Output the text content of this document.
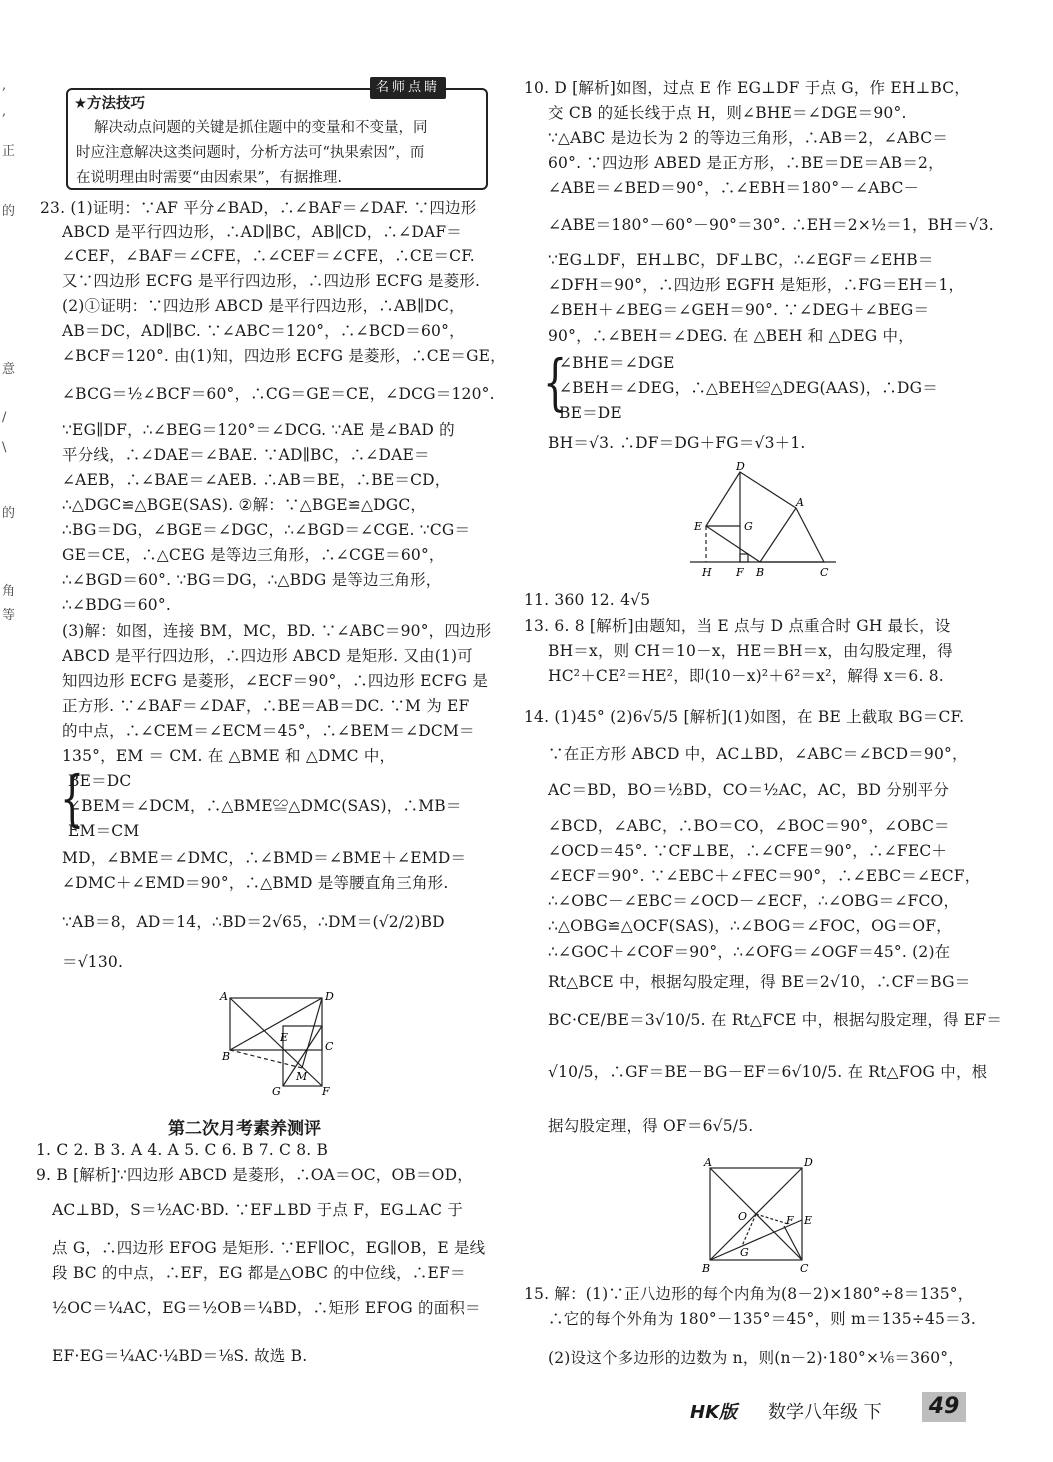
,
,
正
的
意
/
\
的
角
等
名师点睛
★方法技巧
解决动点问题的关键是抓住题中的变量和不变量，同
时应注意解决这类问题时，分析方法可“执果索因”，而
在说明理由时需要“由因索果”，有据推理.
23. (1)证明：∵AF 平分∠BAD，∴∠BAF＝∠DAF. ∵四边形
ABCD 是平行四边形，∴AD∥BC，AB∥CD，∴∠DAF＝
∠CEF，∠BAF＝∠CFE，∴∠CEF＝∠CFE，∴CE＝CF.
又∵四边形 ECFG 是平行四边形，∴四边形 ECFG 是菱形.
(2)①证明：∵四边形 ABCD 是平行四边形，∴AB∥DC，
AB＝DC，AD∥BC. ∵∠ABC＝120°，∴∠BCD＝60°，
∠BCF＝120°. 由(1)知，四边形 ECFG 是菱形，∴CE＝GE，
∠BCG＝½∠BCF＝60°，∴CG＝GE＝CE，∠DCG＝120°.
∵EG∥DF，∴∠BEG＝120°＝∠DCG. ∵AE 是∠BAD 的
平分线，∴∠DAE＝∠BAE. ∵AD∥BC，∴∠DAE＝
∠AEB，∴∠BAE＝∠AEB. ∴AB＝BE，∴BE＝CD，
∴△DGC≌△BGE(SAS). ②解：∵△BGE≌△DGC，
∴BG＝DG，∠BGE＝∠DGC，∴∠BGD＝∠CGE. ∵CG＝
GE＝CE，∴△CEG 是等边三角形，∴∠CGE＝60°，
∴∠BGD＝60°. ∵BG＝DG，∴△BDG 是等边三角形，
∴∠BDG＝60°.
(3)解：如图，连接 BM，MC，BD. ∵∠ABC＝90°，四边形
ABCD 是平行四边形，∴四边形 ABCD 是矩形. 又由(1)可
知四边形 ECFG 是菱形，∠ECF＝90°，∴四边形 ECFG 是
正方形. ∵∠BAF＝∠DAF，∴BE＝AB＝DC. ∵M 为 EF
的中点，∴∠CEM＝∠ECM＝45°，∴∠BEM＝∠DCM＝
135°，EM ＝ CM. 在 △BME 和 △DMC 中，
BE＝DC
∠BEM＝∠DCM，∴△BME≌△DMC(SAS)，∴MB＝
EM＝CM
MD，∠BME＝∠DMC，∴∠BMD＝∠BME＋∠EMD＝
∠DMC＋∠EMD＝90°，∴△BMD 是等腰直角三角形.
∵AB＝8，AD＝14，∴BD＝2√65，∴DM＝(√2/2)BD
＝√130.
第二次月考素养测评
1. C 2. B 3. A 4. A 5. C 6. B 7. C 8. B
9. B [解析]∵四边形 ABCD 是菱形，∴OA＝OC，OB＝OD，
AC⊥BD，S＝½AC·BD. ∵EF⊥BD 于点 F，EG⊥AC 于
点 G，∴四边形 EFOG 是矩形. ∵EF∥OC，EG∥OB，E 是线
段 BC 的中点，∴EF，EG 都是△OBC 的中位线，∴EF＝
½OC＝¼AC，EG＝½OB＝¼BD，∴矩形 EFOG 的面积＝
EF·EG＝¼AC·¼BD＝⅛S. 故选 B.
10. D [解析]如图，过点 E 作 EG⊥DF 于点 G，作 EH⊥BC，
交 CB 的延长线于点 H，则∠BHE＝∠DGE＝90°.
∵△ABC 是边长为 2 的等边三角形，∴AB＝2，∠ABC＝
60°. ∵四边形 ABED 是正方形，∴BE＝DE＝AB＝2，
∠ABE＝∠BED＝90°，∴∠EBH＝180°－∠ABC－
∠ABE＝180°－60°－90°＝30°. ∴EH＝2×½＝1，BH＝√3.
∵EG⊥DF，EH⊥BC，DF⊥BC，∴∠EGF＝∠EHB＝
∠DFH＝90°，∴四边形 EGFH 是矩形，∴FG＝EH＝1，
∠BEH＋∠BEG＝∠GEH＝90°. ∵∠DEG＋∠BEG＝
90°，∴∠BEH＝∠DEG. 在 △BEH 和 △DEG 中，
∠BHE＝∠DGE
∠BEH＝∠DEG，∴△BEH≌△DEG(AAS)，∴DG＝
BE＝DE
BH＝√3. ∴DF＝DG＋FG＝√3＋1.
11. 360 12. 4√5
13. 6. 8 [解析]由题知，当 E 点与 D 点重合时 GH 最长，设
BH＝x，则 CH＝10－x，HE＝BH＝x，由勾股定理，得
HC²＋CE²＝HE²，即(10－x)²＋6²＝x²，解得 x＝6. 8.
14. (1)45° (2)6√5/5 [解析](1)如图，在 BE 上截取 BG＝CF.
∵在正方形 ABCD 中，AC⊥BD，∠ABC＝∠BCD＝90°，
AC＝BD，BO＝½BD，CO＝½AC，AC，BD 分别平分
∠BCD，∠ABC，∴BO＝CO，∠BOC＝90°，∠OBC＝
∠OCD＝45°. ∵CF⊥BE，∴∠CFE＝90°，∴∠FEC＋
∠ECF＝90°. ∵∠EBC＋∠FEC＝90°，∴∠EBC＝∠ECF，
∴∠OBC－∠EBC＝∠OCD－∠ECF，∴∠OBG＝∠FCO，
∴△OBG≌△OCF(SAS)，∴∠BOG＝∠FOC，OG＝OF，
∴∠GOC＋∠COF＝90°，∴∠OFG＝∠OGF＝45°. (2)在
Rt△BCE 中，根据勾股定理，得 BE＝2√10，∴CF＝BG＝
BC·CE/BE＝3√10/5. 在 Rt△FCE 中，根据勾股定理，得 EF＝
√10/5，∴GF＝BE－BG－EF＝6√10/5. 在 Rt△FOG 中，根
据勾股定理，得 OF＝6√5/5.
15. 解：(1)∵正八边形的每个内角为(8－2)×180°÷8＝135°，
∴它的每个外角为 180°－135°＝45°，则 m＝135÷45＝3.
(2)设这个多边形的边数为 n，则(n－2)·180°×⅙＝360°，
{
{
A	D
E
C
B
M
G	F
D
A
E	G
H F B	C
A	D
O	F E
G
B	C
HK版 数学八年级 下	49
